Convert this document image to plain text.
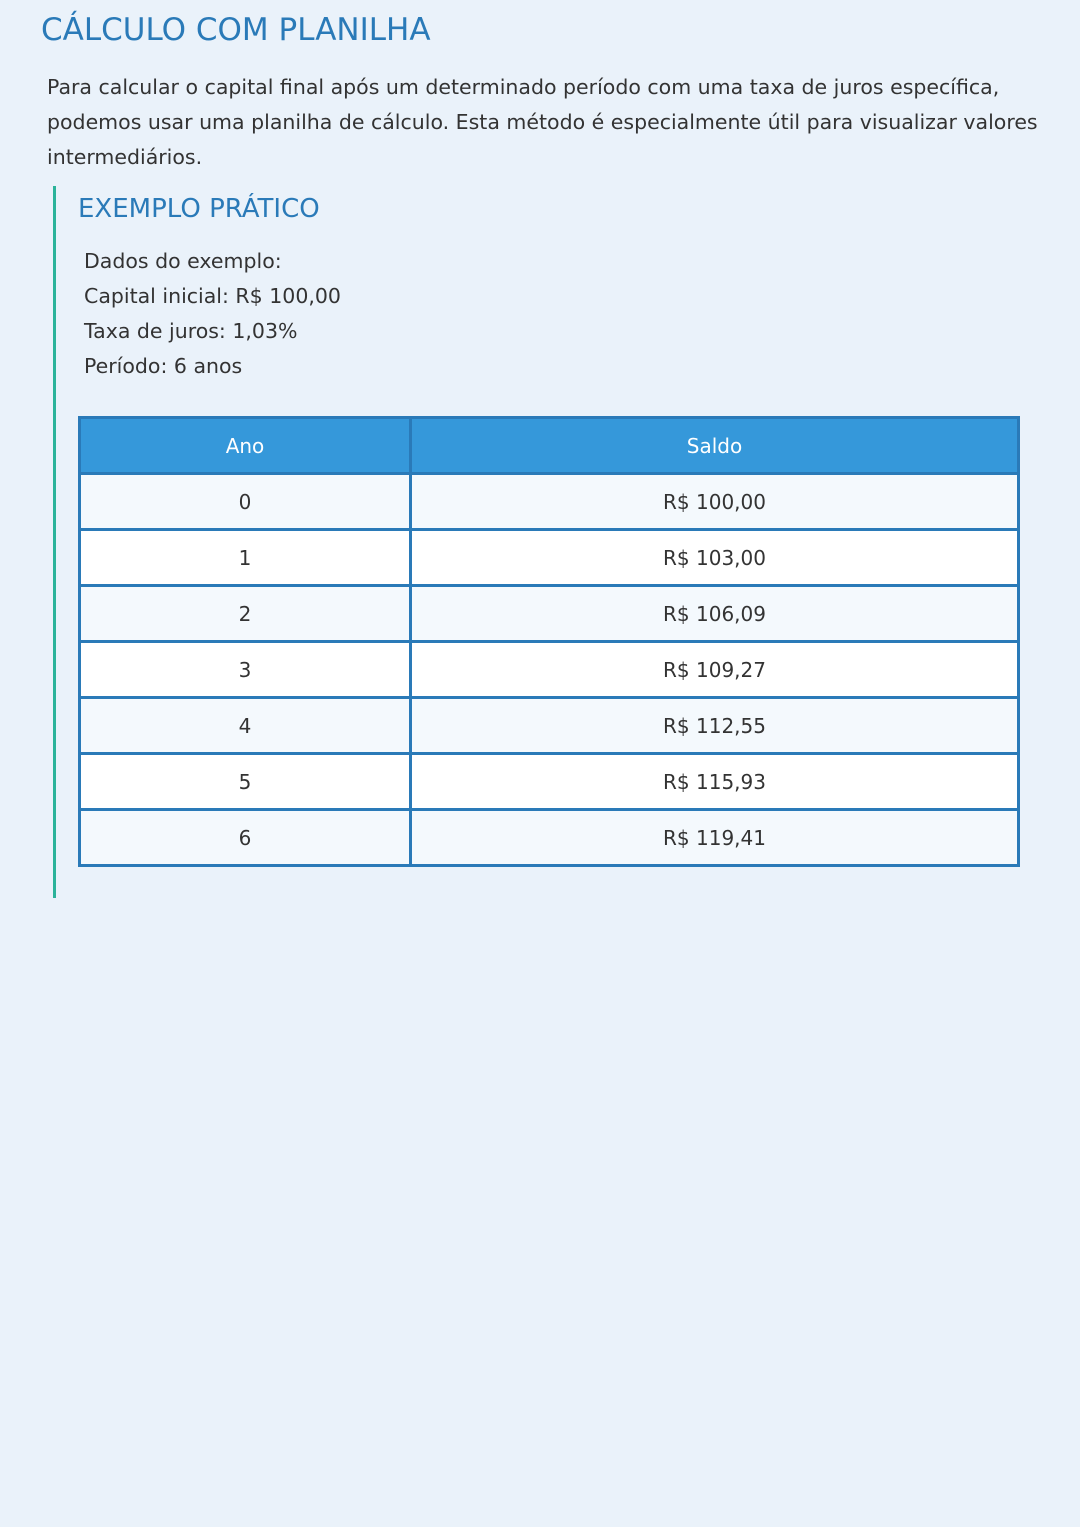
CÁLCULO COM PLANILHA

Para calcular o capital final após um determinado período com uma taxa de juros específica,
podemos usar uma planilha de cálculo. Esta método é especialmente útil para visualizar valores
intermediários.

EXEMPLO PRÁTICO
Dados do exemplo:
Capital inicial: R$ 100,00
Taxa de juros: 1,03%
Período: 6 anos
Ano	Saldo
0	R$ 100,00
1	R$ 103,00
2	R$ 106,09
3	R$ 109,27
4	R$ 112,55
5	R$ 115,93
6	R$ 119,41
